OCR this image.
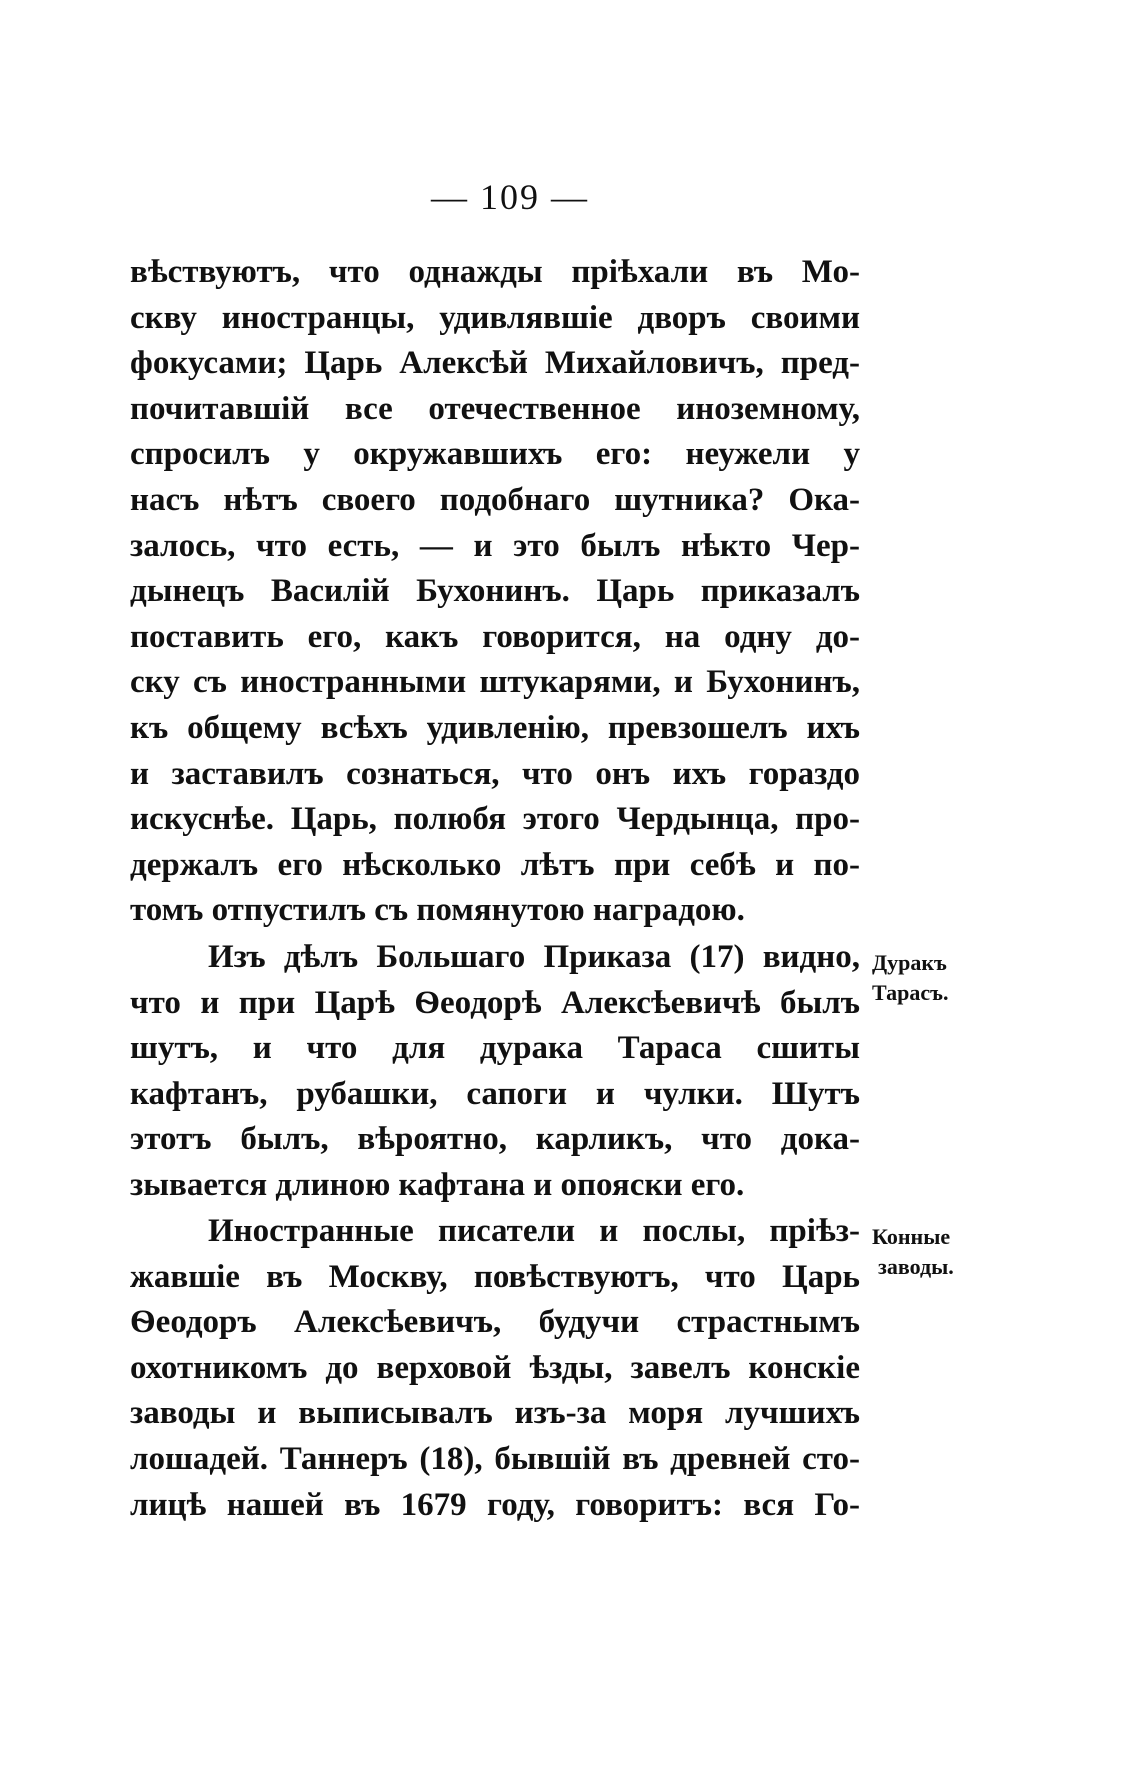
— 109 —
вѣствуютъ, что однажды пріѣхали въ Мо-
скву иностранцы, удивлявшіе дворъ своими
фокусами; Царь Алексѣй Михайловичъ, пред-
почитавшій все отечественное иноземному,
спросилъ у окружавшихъ его: неужели у
насъ нѣтъ своего подобнаго шутника? Ока-
залось, что есть, — и это былъ нѣкто Чер-
дынецъ Василій Бухонинъ. Царь приказалъ
поставить его, какъ говорится, на одну до-
ску съ иностранными штукарями, и Бухонинъ,
къ общему всѣхъ удивленію, превзошелъ ихъ
и заставилъ сознаться, что онъ ихъ гораздо
искуснѣе. Царь, полюбя этого Чердынца, про-
держалъ его нѣсколько лѣтъ при себѣ и по-
томъ отпустилъ съ помянутою наградою.
Изъ дѣлъ Большаго Приказа (17) видно,
что и при Царѣ Ѳеодорѣ Алексѣевичѣ былъ
шутъ, и что для дурака Тараса сшиты
кафтанъ, рубашки, сапоги и чулки. Шутъ
этотъ былъ, вѣроятно, карликъ, что дока-
зывается длиною кафтана и опояски его.
Иностранные писатели и послы, пріѣз-
жавшіе въ Москву, повѣствуютъ, что Царь
Ѳеодоръ Алексѣевичъ, будучи страстнымъ
охотникомъ до верховой ѣзды, завелъ конскіе
заводы и выписывалъ изъ-за моря лучшихъ
лошадей. Таннеръ (18), бывшій въ древней сто-
лицѣ нашей въ 1679 году, говоритъ: вся Го-
Дуракъ
Тарасъ.
Конные
заводы.
